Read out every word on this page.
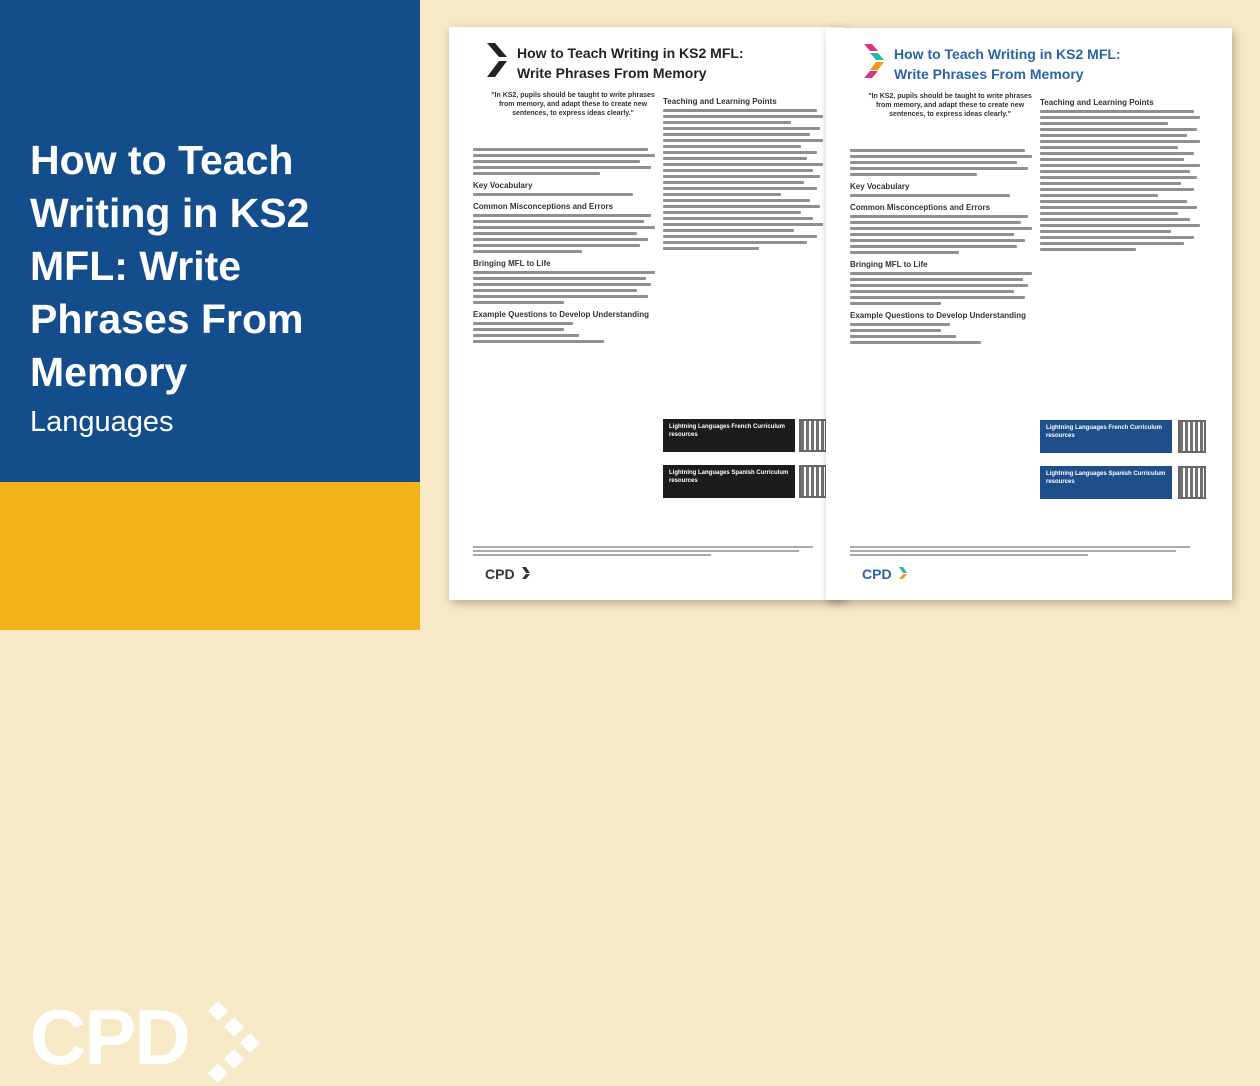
How to Teach Writing in KS2 MFL: Write Phrases From Memory
Languages
CPD
How to Teach Writing in KS2 MFL:
Write Phrases From Memory
"In KS2, pupils should be taught to write phrases from memory, and adapt these to create new sentences, to express ideas clearly."
Key Vocabulary
Common Misconceptions and Errors
Bringing MFL to Life
Example Questions to Develop Understanding
Teaching and Learning Points
Lightning Languages French Curriculum resources
Lightning Languages Spanish Curriculum resources
CPD
How to Teach Writing in KS2 MFL:
Write Phrases From Memory
"In KS2, pupils should be taught to write phrases from memory, and adapt these to create new sentences, to express ideas clearly."
Key Vocabulary
Common Misconceptions and Errors
Bringing MFL to Life
Example Questions to Develop Understanding
Teaching and Learning Points
Lightning Languages French Curriculum resources
Lightning Languages Spanish Curriculum resources
CPD
